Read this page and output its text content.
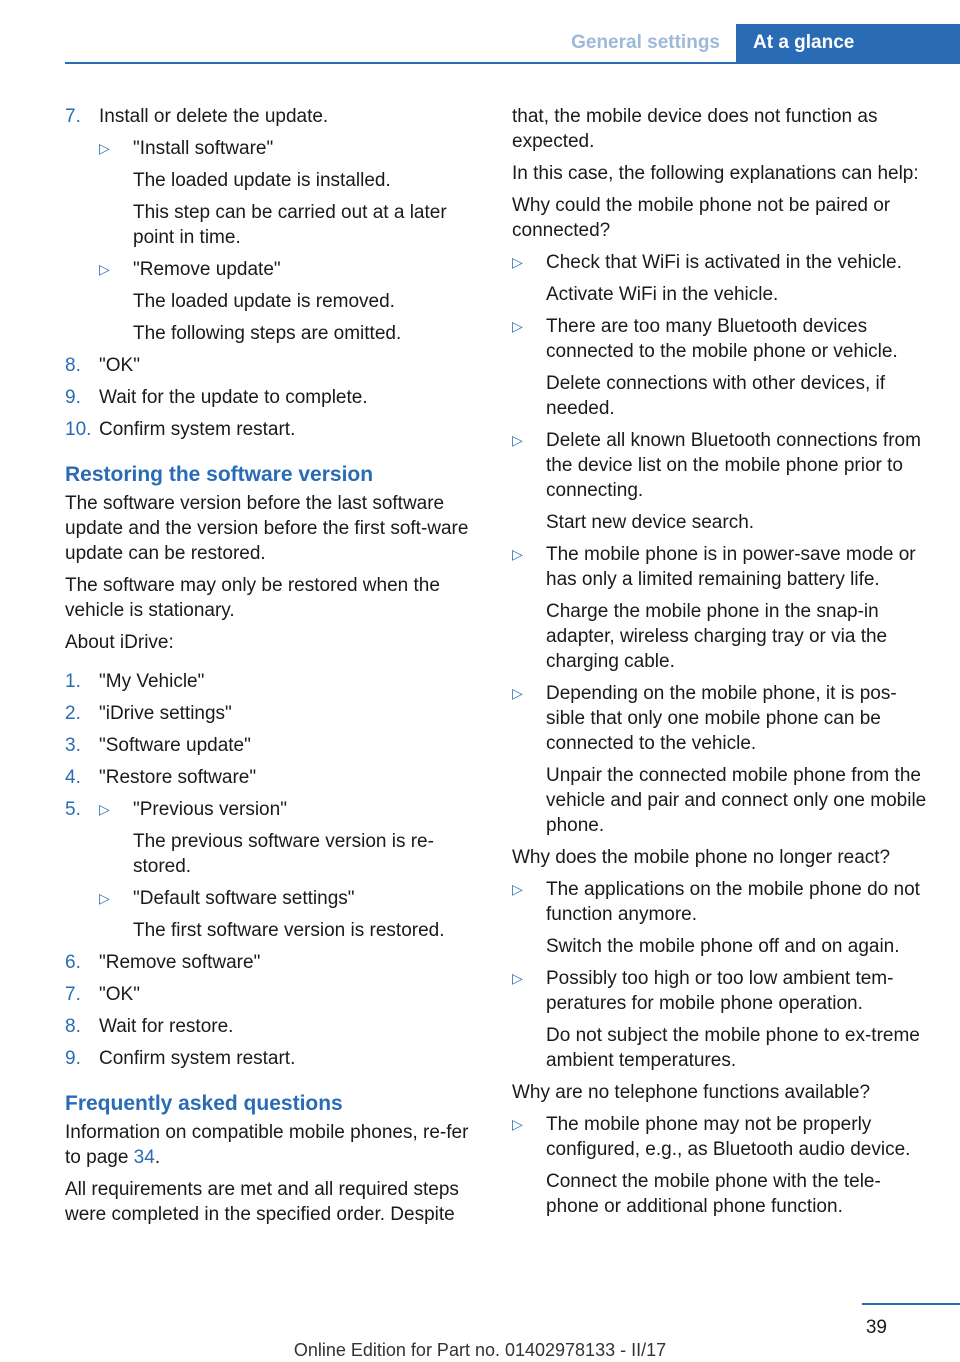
General settings	At a glance
7. Install or delete the update.
▷ "Install software"
The loaded update is installed.
This step can be carried out at a later point in time.
▷ "Remove update"
The loaded update is removed.
The following steps are omitted.
8. "OK"
9. Wait for the update to complete.
10. Confirm system restart.
Restoring the software version

The software version before the last software update and the version before the first soft‐ware update can be restored.

The software may only be restored when the vehicle is stationary.

About iDrive:

1. "My Vehicle"
2. "iDrive settings"
3. "Software update"
4. "Restore software"
5. ▷ "Previous version"
The previous software version is re‐stored.
▷ "Default software settings"
The first software version is restored.
6. "Remove software"
7. "OK"
8. Wait for restore.
9. Confirm system restart.
Frequently asked questions

Information on compatible mobile phones, re‐fer to page 34.

All requirements are met and all required steps were completed in the specified order. Despite

that, the mobile device does not function as expected.

In this case, the following explanations can help:

Why could the mobile phone not be paired or connected?

▷ Check that WiFi is activated in the vehicle.
Activate WiFi in the vehicle.
▷ There are too many Bluetooth devices connected to the mobile phone or vehicle.
Delete connections with other devices, if needed.
▷ Delete all known Bluetooth connections from the device list on the mobile phone prior to connecting.
Start new device search.
▷ The mobile phone is in power-save mode or has only a limited remaining battery life.
Charge the mobile phone in the snap-in adapter, wireless charging tray or via the charging cable.
▷ Depending on the mobile phone, it is pos‐sible that only one mobile phone can be connected to the vehicle.
Unpair the connected mobile phone from the vehicle and pair and connect only one mobile phone.

Why does the mobile phone no longer react?

▷ The applications on the mobile phone do not function anymore.
Switch the mobile phone off and on again.
▷ Possibly too high or too low ambient tem‐peratures for mobile phone operation.
Do not subject the mobile phone to ex‐treme ambient temperatures.

Why are no telephone functions available?

▷ The mobile phone may not be properly configured, e.g., as Bluetooth audio device.
Connect the mobile phone with the tele‐phone or additional phone function.
39
Online Edition for Part no. 01402978133 - II/17
